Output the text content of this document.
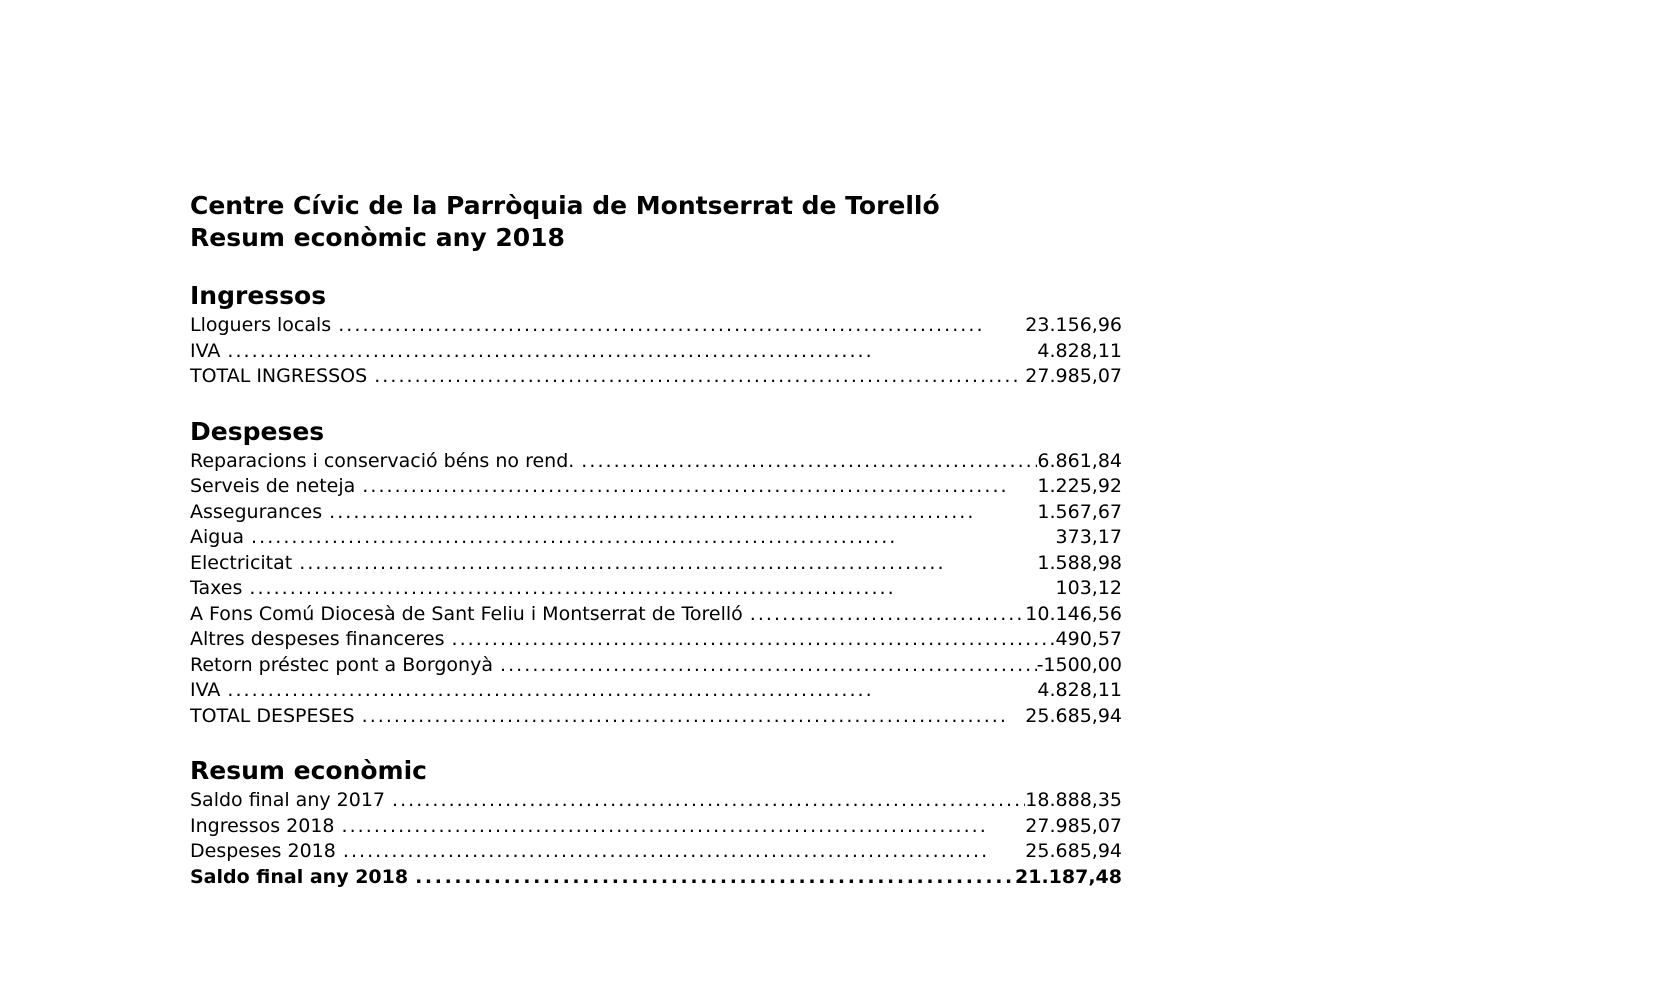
Centre Cívic de la Parròquia de Montserrat de Torelló
Resum econòmic any 2018
Ingressos
Lloguers locals . . .	23.156,96
IVA . . .	4.828,11
TOTAL INGRESSOS . . .	27.985,07
Despeses
Reparacions i conservació béns no rend. . . .	6.861,84
Serveis de neteja . . .	1.225,92
Assegurances . . .	1.567,67
Aigua . . .	373,17
Electricitat . . .	1.588,98
Taxes . . .	103,12
A Fons Comú Diocesà de Sant Feliu i Montserrat de Torelló . . .	10.146,56
Altres despeses financeres . . .	490,57
Retorn préstec pont a Borgonyà . . .	-1500,00
IVA . . .	4.828,11
TOTAL DESPESES . . .	25.685,94
Resum econòmic
Saldo final any 2017 . . .	18.888,35
Ingressos 2018 . . .	27.985,07
Despeses 2018 . . .	25.685,94
Saldo final any 2018 . . .	21.187,48
